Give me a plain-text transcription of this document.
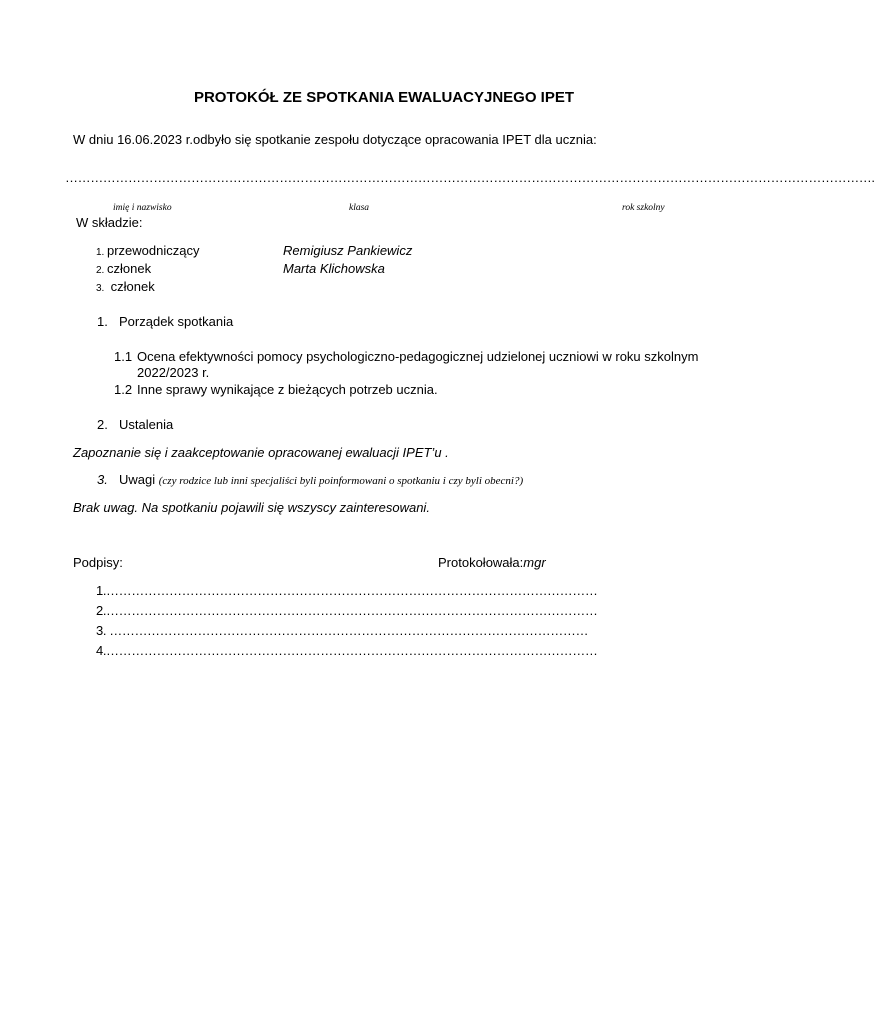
PROTOKÓŁ ZE SPOTKANIA EWALUACYJNEGO IPET
W dniu 16.06.2023 r.odbyło się spotkanie zespołu dotyczące opracowania IPET dla ucznia:
………………………………………………………………………………………………………………………………………………………………………….
imię i nazwisko	klasa	rok szkolny
W składzie:
1. przewodniczący	Remigiusz Pankiewicz
2. członek	Marta Klichowska
3. członek
1. Porządek spotkania
1.1 Ocena efektywności pomocy psychologiczno-pedagogicznej udzielonej uczniowi w roku szkolnym 2022/2023 r.
1.2 Inne sprawy wynikające z bieżących potrzeb ucznia.
2. Ustalenia
Zapoznanie się i zaakceptowanie opracowanej ewaluacji IPET’u .
3. Uwagi (czy rodzice lub inni specjaliści byli poinformowani o spotkaniu i czy byli obecni?)
Brak uwag. Na spotkaniu pojawili się wszyscy zainteresowani.
Podpisy:	Protokołowała:mgr
1.………………………………………………………………………………………………………
2.………………………………………………………………………………………………………
3. ……………………………………………………………………………………………………
4.………………………………………………………………………………………………………
